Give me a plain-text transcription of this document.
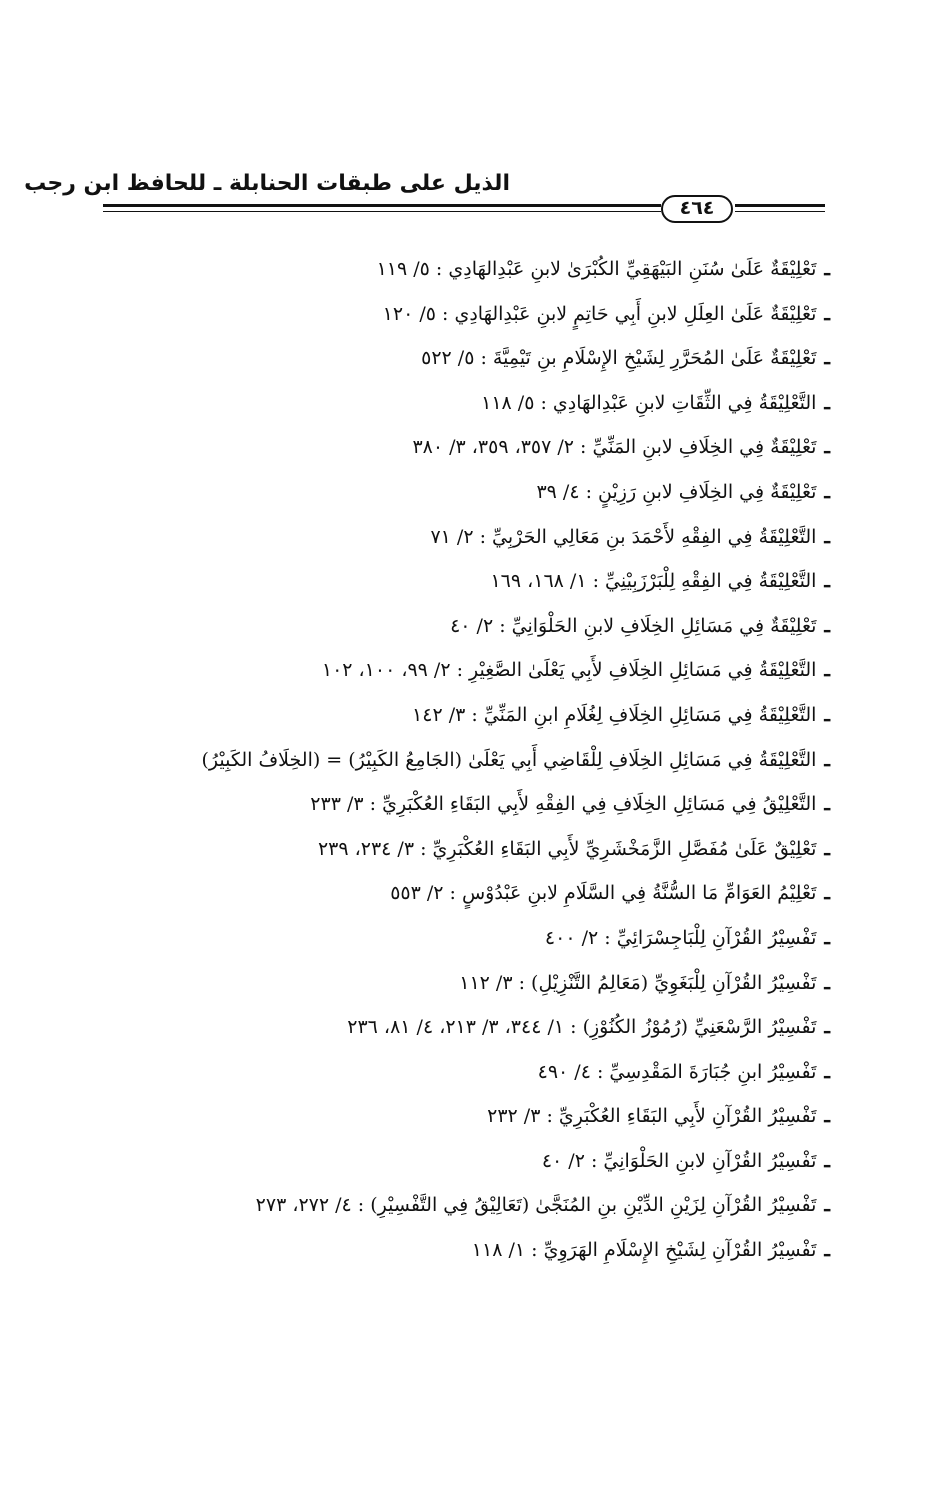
الذيل على طبقات الحنابلة ـ للحافظ ابن رجب
٤٦٤
ـتَعْلِيْقَةٌ عَلَىٰ سُنَنِ البَيْهَقِيِّ الكُبْرَىٰ لابنِ عَبْدِالهَادِي : ٥/ ١١٩
ـتَعْلِيْقَةٌ عَلَىٰ العِلَلِ لابنِ أَبِي حَاتِمٍ لابنِ عَبْدِالهَادِي : ٥/ ١٢٠
ـتَعْلِيْقَةٌ عَلَىٰ المُحَرَّرِ لِشَيْخِ الإِسْلَامِ بنِ تَيْمِيَّةَ : ٥/ ٥٢٢
ـالتَّعْلِيْقَةُ فِي الثِّقَاتِ لابنِ عَبْدِالهَادِي : ٥/ ١١٨
ـتَعْلِيْقَةٌ فِي الخِلَافِ لابنِ المَنِّيِّ : ٢/ ٣٥٧، ٣٥٩، ٣/ ٣٨٠
ـتَعْلِيْقَةٌ فِي الخِلَافِ لابنِ رَزِيْنٍ : ٤/ ٣٩
ـالتَّعْلِيْقَةُ فِي الفِقْهِ لأَحْمَدَ بنِ مَعَالِي الحَرْبِيِّ : ٢/ ٧١
ـالتَّعْلِيْقَةُ فِي الفِقْهِ لِلْبَرْزَبِيْنِيِّ : ١/ ١٦٨، ١٦٩
ـتَعْلِيْقَةٌ فِي مَسَائِلِ الخِلَافِ لابنِ الحَلْوَانِيِّ : ٢/ ٤٠
ـالتَّعْلِيْقَةُ فِي مَسَائِلِ الخِلَافِ لأَبِي يَعْلَىٰ الصَّغِيْرِ : ٢/ ٩٩، ١٠٠، ١٠٢
ـالتَّعْلِيْقَةُ فِي مَسَائِلِ الخِلَافِ لِغُلَامِ ابنِ المَنِّيِّ : ٣/ ١٤٢
ـالتَّعْلِيْقَةُ فِي مَسَائِلِ الخِلَافِ لِلْقَاضِي أَبِي يَعْلَىٰ (الجَامِعُ الكَبِيْرُ) = (الخِلَافُ الكَبِيْرُ)
ـالتَّعْلِيْقُ فِي مَسَائِلِ الخِلَافِ فِي الفِقْهِ لأَبِي البَقَاءِ العُكْبَرِيِّ : ٣/ ٢٣٣
ـتَعْلِيْقٌ عَلَىٰ مُفَصَّلِ الزَّمَخْشَرِيِّ لأَبِي البَقَاءِ العُكْبَرِيِّ : ٣/ ٢٣٤، ٢٣٩
ـتَعْلِيْمُ العَوَامِّ مَا السُّنَّةُ فِي السَّلَامِ لابنِ عَبْدُوْسٍ : ٢/ ٥٥٣
ـتَفْسِيْرُ القُرْآنِ لِلْبَاجِسْرَائِيِّ : ٢/ ٤٠٠
ـتَفْسِيْرُ القُرْآنِ لِلْبَغَوِيِّ (مَعَالِمُ التَّنْزِيْلِ) : ٣/ ١١٢
ـتَفْسِيْرُ الرَّسْعَنِيِّ (رُمُوْزُ الكُنُوْزِ) : ١/ ٣٤٤، ٣/ ٢١٣، ٤/ ٨١، ٢٣٦
ـتَفْسِيْرُ ابنِ جُبَارَةَ المَقْدِسِيِّ : ٤/ ٤٩٠
ـتَفْسِيْرُ القُرْآنِ لأَبِي البَقَاءِ العُكْبَرِيِّ : ٣/ ٢٣٢
ـتَفْسِيْرُ القُرْآنِ لابنِ الحَلْوَانِيِّ : ٢/ ٤٠
ـتَفْسِيْرُ القُرْآنِ لِزَيْنِ الدِّيْنِ بنِ المُنَجَّىٰ (تَعَالِيْقُ فِي التَّفْسِيْرِ) : ٤/ ٢٧٢، ٢٧٣
ـتَفْسِيْرُ القُرْآنِ لِشَيْخِ الإِسْلَامِ الهَرَوِيِّ : ١/ ١١٨
